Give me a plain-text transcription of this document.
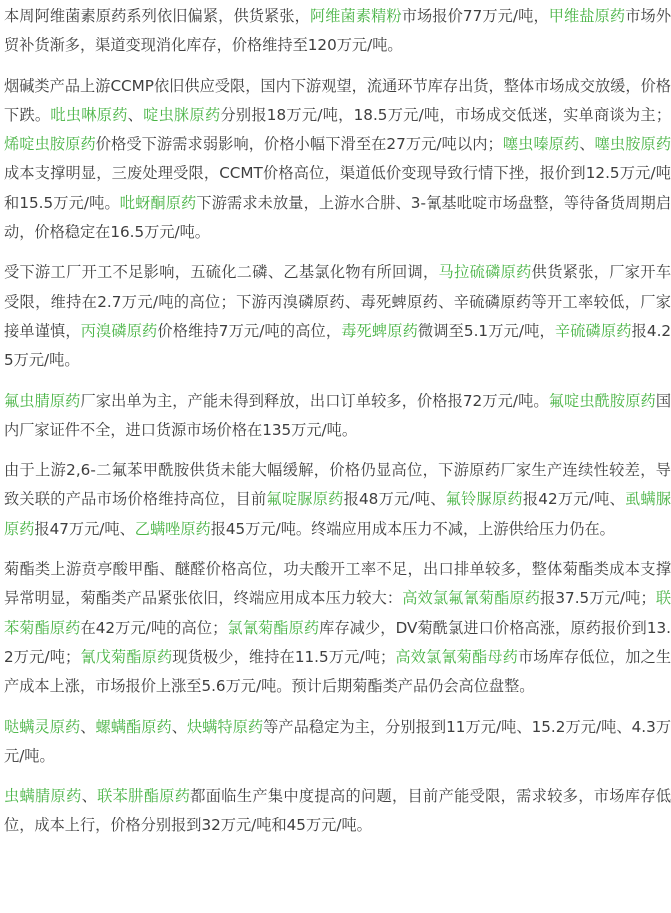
本周阿维菌素原药系列依旧偏紧，供货紧张，阿维菌素精粉市场报价77万元/吨，甲维盐原药市场外贸补货渐多，渠道变现消化库存，价格维持至120万元/吨。

烟碱类产品上游CCMP依旧供应受限，国内下游观望，流通环节库存出货，整体市场成交放缓，价格下跌。吡虫啉原药、啶虫脒原药分别报18万元/吨，18.5万元/吨，市场成交低迷，实单商谈为主；烯啶虫胺原药价格受下游需求弱影响，价格小幅下滑至在27万元/吨以内；噻虫嗪原药、噻虫胺原药成本支撑明显，三废处理受限，CCMT价格高位，渠道低价变现导致行情下挫，报价到12.5万元/吨和15.5万元/吨。吡蚜酮原药下游需求未放量，上游水合肼、3-氰基吡啶市场盘整，等待备货周期启动，价格稳定在16.5万元/吨。

受下游工厂开工不足影响，五硫化二磷、乙基氯化物有所回调，马拉硫磷原药供货紧张，厂家开车受限，维持在2.7万元/吨的高位；下游丙溴磷原药、毒死蜱原药、辛硫磷原药等开工率较低，厂家接单谨慎，丙溴磷原药价格维持7万元/吨的高位，毒死蜱原药微调至5.1万元/吨，辛硫磷原药报4.25万元/吨。

氟虫腈原药厂家出单为主，产能未得到释放，出口订单较多，价格报72万元/吨。氟啶虫酰胺原药国内厂家证件不全，进口货源市场价格在135万元/吨。

由于上游2,6-二氟苯甲酰胺供货未能大幅缓解，价格仍显高位，下游原药厂家生产连续性较差，导致关联的产品市场价格维持高位，目前氟啶脲原药报48万元/吨、氟铃脲原药报42万元/吨、虱螨脲原药报47万元/吨、乙螨唑原药报45万元/吨。终端应用成本压力不减，上游供给压力仍在。

菊酯类上游贲亭酸甲酯、醚醛价格高位，功夫酸开工率不足，出口排单较多，整体菊酯类成本支撑异常明显，菊酯类产品紧张依旧，终端应用成本压力较大：高效氯氟氰菊酯原药报37.5万元/吨；联苯菊酯原药在42万元/吨的高位；氯氰菊酯原药库存减少，DV菊酰氯进口价格高涨，原药报价到13.2万元/吨；氰戊菊酯原药现货极少，维持在11.5万元/吨；高效氯氰菊酯母药市场库存低位，加之生产成本上涨，市场报价上涨至5.6万元/吨。预计后期菊酯类产品仍会高位盘整。

哒螨灵原药、螺螨酯原药、炔螨特原药等产品稳定为主，分别报到11万元/吨、15.2万元/吨、4.3万元/吨。

虫螨腈原药、联苯肼酯原药都面临生产集中度提高的问题，目前产能受限，需求较多，市场库存低位，成本上行，价格分别报到32万元/吨和45万元/吨。
